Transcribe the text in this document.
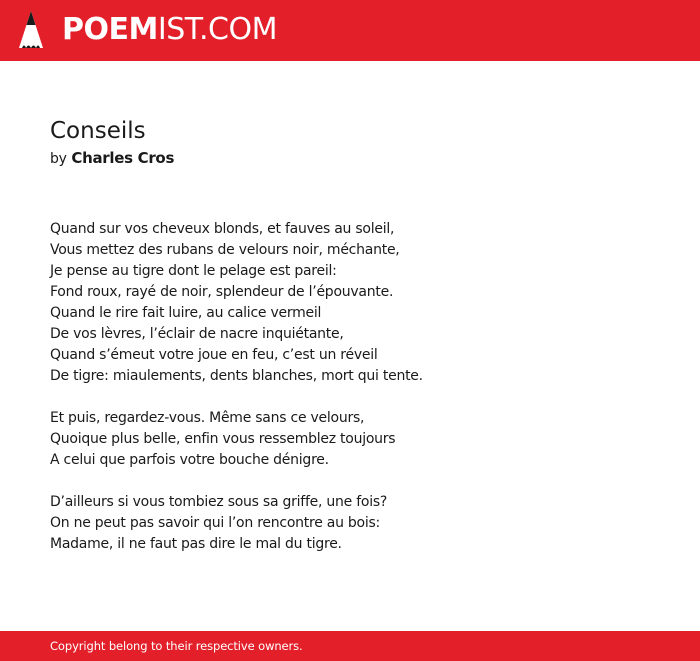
POEMIST.COM
Conseils
by Charles Cros
Quand sur vos cheveux blonds, et fauves au soleil,
Vous mettez des rubans de velours noir, méchante,
Je pense au tigre dont le pelage est pareil:
Fond roux, rayé de noir, splendeur de l’épouvante.
Quand le rire fait luire, au calice vermeil
De vos lèvres, l’éclair de nacre inquiétante,
Quand s’émeut votre joue en feu, c’est un réveil
De tigre: miaulements, dents blanches, mort qui tente.
Et puis, regardez-vous. Même sans ce velours,
Quoique plus belle, enfin vous ressemblez toujours
A celui que parfois votre bouche dénigre.
D’ailleurs si vous tombiez sous sa griffe, une fois?
On ne peut pas savoir qui l’on rencontre au bois:
Madame, il ne faut pas dire le mal du tigre.
Copyright belong to their respective owners.
